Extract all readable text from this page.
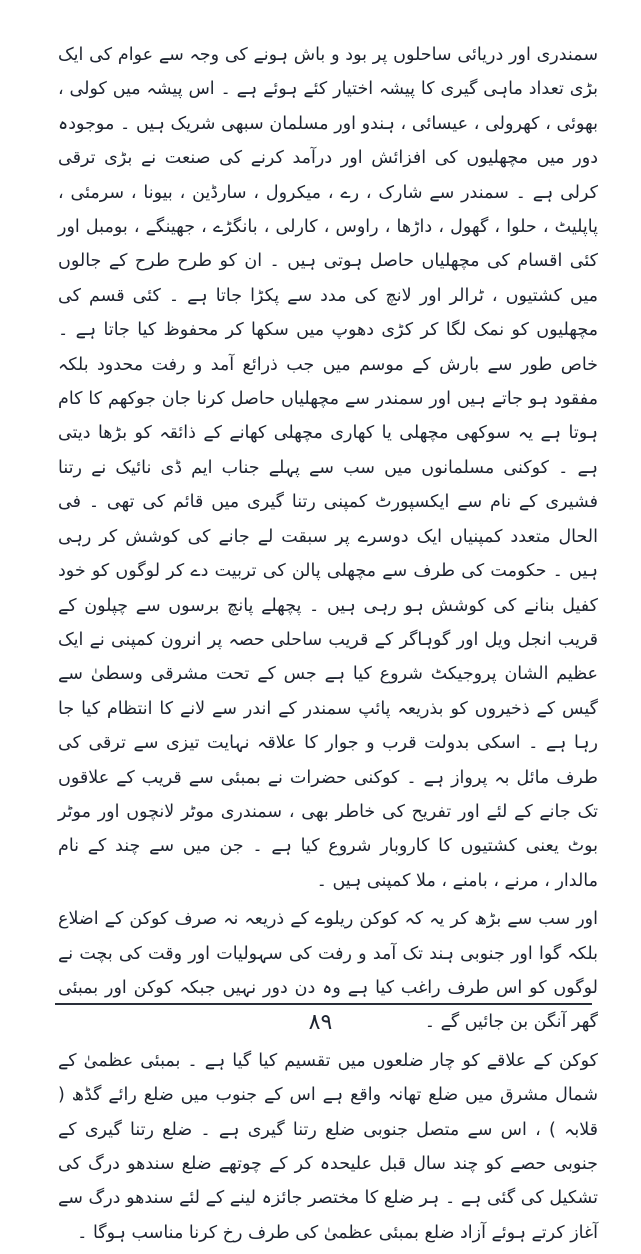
سمندری اور دریائی ساحلوں پر بود و باش ہونے کی وجہ سے عوام کی ایک بڑی تعداد ماہی گیری کا پیشہ اختیار کئے ہوئے ہے ۔ اس پیشہ میں کولی ، بھوئی ، کھرولی ، عیسائی ، ہندو اور مسلمان سبھی شریک ہیں ۔ موجودہ دور میں مچھلیوں کی افزائش اور درآمد کرنے کی صنعت نے بڑی ترقی کرلی ہے ۔ سمندر سے شارک ، رے ، میکرول ، سارڈین ، بیونا ، سرمئی ، پاپلیٹ ، حلوا ، گھول ، داڑھا ، راوس ، کارلی ، بانگڑے ، جھینگے ، بومبل اور کئی اقسام کی مچھلیاں حاصل ہوتی ہیں ۔ ان کو طرح طرح کے جالوں میں کشتیوں ، ٹرالر اور لانچ کی مدد سے پکڑا جاتا ہے ۔ کئی قسم کی مچھلیوں کو نمک لگا کر کڑی دھوپ میں سکھا کر محفوظ کیا جاتا ہے ۔ خاص طور سے بارش کے موسم میں جب ذرائع آمد و رفت محدود بلکہ مفقود ہو جاتے ہیں اور سمندر سے مچھلیاں حاصل کرنا جان جوکھم کا کام ہوتا ہے یہ سوکھی مچھلی یا کھاری مچھلی کھانے کے ذائقہ کو بڑھا دیتی ہے ۔ کوکنی مسلمانوں میں سب سے پہلے جناب ایم ڈی نائیک نے رتنا فشیری کے نام سے ایکسپورٹ کمپنی رتنا گیری میں قائم کی تھی ۔ فی الحال متعدد کمپنیاں ایک دوسرے پر سبقت لے جانے کی کوشش کر رہی ہیں ۔ حکومت کی طرف سے مچھلی پالن کی تربیت دے کر لوگوں کو خود کفیل بنانے کی کوشش ہو رہی ہیں ۔ پچھلے پانچ برسوں سے چپلون کے قریب انجل ویل اور گوہاگر کے قریب ساحلی حصہ پر انرون کمپنی نے ایک عظیم الشان پروجیکٹ شروع کیا ہے جس کے تحت مشرقی وسطیٰ سے گیس کے ذخیروں کو بذریعہ پائپ سمندر کے اندر سے لانے کا انتظام کیا جا رہا ہے ۔ اسکی بدولت قرب و جوار کا علاقہ نہایت تیزی سے ترقی کی طرف مائل بہ پرواز ہے ۔ کوکنی حضرات نے بمبئی سے قریب کے علاقوں تک جانے کے لئے اور تفریح کی خاطر بھی ، سمندری موٹر لانچوں اور موٹر بوٹ یعنی کشتیوں کا کاروبار شروع کیا ہے ۔ جن میں سے چند کے نام مالدار ، مرنے ، بامنے ، ملا کمپنی ہیں ۔

اور سب سے بڑھ کر یہ کہ کوکن ریلوے کے ذریعہ نہ صرف کوکن کے اضلاع بلکہ گوا اور جنوبی ہند تک آمد و رفت کی سہولیات اور وقت کی بچت نے لوگوں کو اس طرف راغب کیا ہے وہ دن دور نہیں جبکہ کوکن اور بمبئی گھر آنگن بن جائیں گے ۔

کوکن کے علاقے کو چار ضلعوں میں تقسیم کیا گیا ہے ۔ بمبئی عظمیٰ کے شمال مشرق میں ضلع تھانہ واقع ہے اس کے جنوب میں ضلع رائے گڈھ ( قلابہ ) ، اس سے متصل جنوبی ضلع رتنا گیری ہے ۔ ضلع رتنا گیری کے جنوبی حصے کو چند سال قبل علیحدہ کر کے چوتھے ضلع سندھو درگ کی تشکیل کی گئی ہے ۔ ہر ضلع کا مختصر جائزہ لینے کے لئے سندھو درگ سے آغاز کرتے ہوئے آزاد ضلع بمبئی عظمیٰ کی طرف رخ کرنا مناسب ہوگا ۔

۸۹
